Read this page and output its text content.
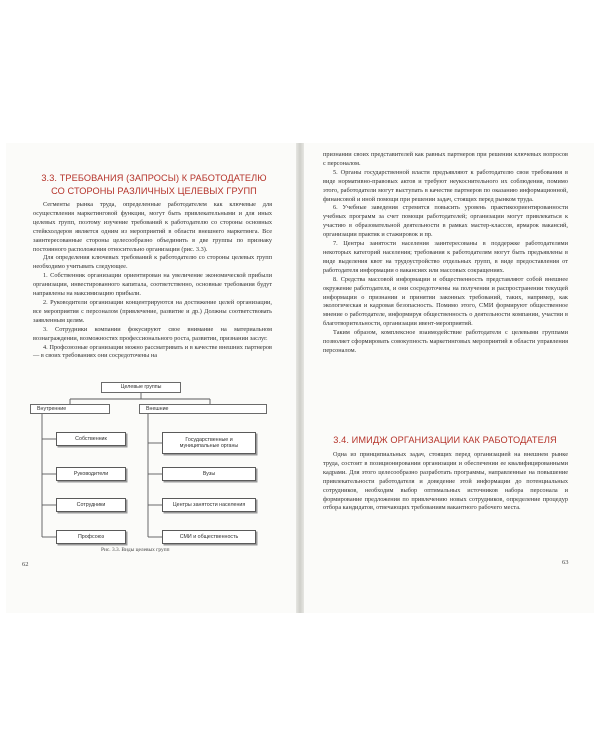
3.3. ТРЕБОВАНИЯ (ЗАПРОСЫ) К РАБОТОДАТЕЛЮ
СО СТОРОНЫ РАЗЛИЧНЫХ ЦЕЛЕВЫХ ГРУПП

Сегменты рынка труда, определенные работодателем как ключевые для осуществления маркетинговой функции, могут быть привлекательными и для иных целевых групп, поэтому изучение требований к работодателю со стороны основных стейкхолдеров является одним из мероприятий в области внешнего маркетинга. Все заинтересованные стороны целесообразно объединить в две группы по признаку постоянного расположения относительно организации (рис. 3.3).

Для определения ключевых требований к работодателю со стороны целевых групп необходимо учитывать следующее.

1. Собственник организации ориентирован на увеличение экономической прибыли организации, инвестированного капитала, соответственно, основные требования будут направлены на максимизацию прибыли.

2. Руководители организации концентрируются на достижение целей организации, все мероприятия с персоналом (привлечение, развитие и др.) Должны соответствовать заявленным целям.

3. Сотрудники компании фокусируют свое внимание на материальном вознаграждении, возможностях профессионального роста, развитии, признании заслуг.

4. Профсоюзные организации можно рассматривать и в качестве внешних партнеров — в своих требованиях они сосредоточены на

Целевые группы
Внутренние	Внешние
Собственник
Руководители
Сотрудники
Профсоюз
Государственные и муниципальные органы
Вузы
Центры занятости населения
СМИ и общественность
Рис. 3.3. Виды целевых групп
62

признании своих представителей как равных партнеров при решении ключевых вопросов с персоналом.

5. Органы государственной власти предъявляют к работодателю свои требования в виде нормативно-правовых актов и требуют неукоснительного их соблюдения, помимо этого, работодатели могут выступать в качестве партнеров по оказанию информационной, финансовой и иной помощи при решении задач, стоящих перед рынком труда.

6. Учебные заведения стремятся повысить уровень практикоориентированности учебных программ за счет помощи работодателей; организации могут привлекаться к участию в образовательной деятельности в рамках мастер-классов, ярмарок вакансий, организации практик и стажировок и пр.

7. Центры занятости населения заинтересованы в поддержке работодателями некоторых категорий населения; требования к работодателям могут быть предъявлены в виде выделения квот на трудоустройство отдельных групп, в виде предоставления от работодателя информации о вакансиях или массовых сокращениях.

8. Средства массовой информации и общественность представляют собой внешнее окружение работодателя, и они сосредоточены на получении и распространении текущей информации о признании и принятии законных требований, таких, например, как экологическая и кадровая безопасность. Помимо этого, СМИ формируют общественное мнение о работодателе, информируя общественность о деятельности компании, участии в благотворительности, организации ивент-мероприятий.

Таким образом, комплексное взаимодействие работодателя с целевыми группами позволяет сформировать совокупность маркетинговых мероприятий в области управления персоналом.

3.4. ИМИДЖ ОРГАНИЗАЦИИ КАК РАБОТОДАТЕЛЯ

Одна из принципиальных задач, стоящих перед организацией на внешнем рынке труда, состоит в позиционировании организации и обеспечении ее квалифицированными кадрами. Для этого целесообразно разработать программы, направленные на повышение привлекательности работодателя и доведение этой информации до потенциальных сотрудников, необходим выбор оптимальных источников набора персонала и формирование предложения по привлечению новых сотрудников, определение процедур отбора кандидатов, отвечающих требованиям вакантного рабочего места.

63
